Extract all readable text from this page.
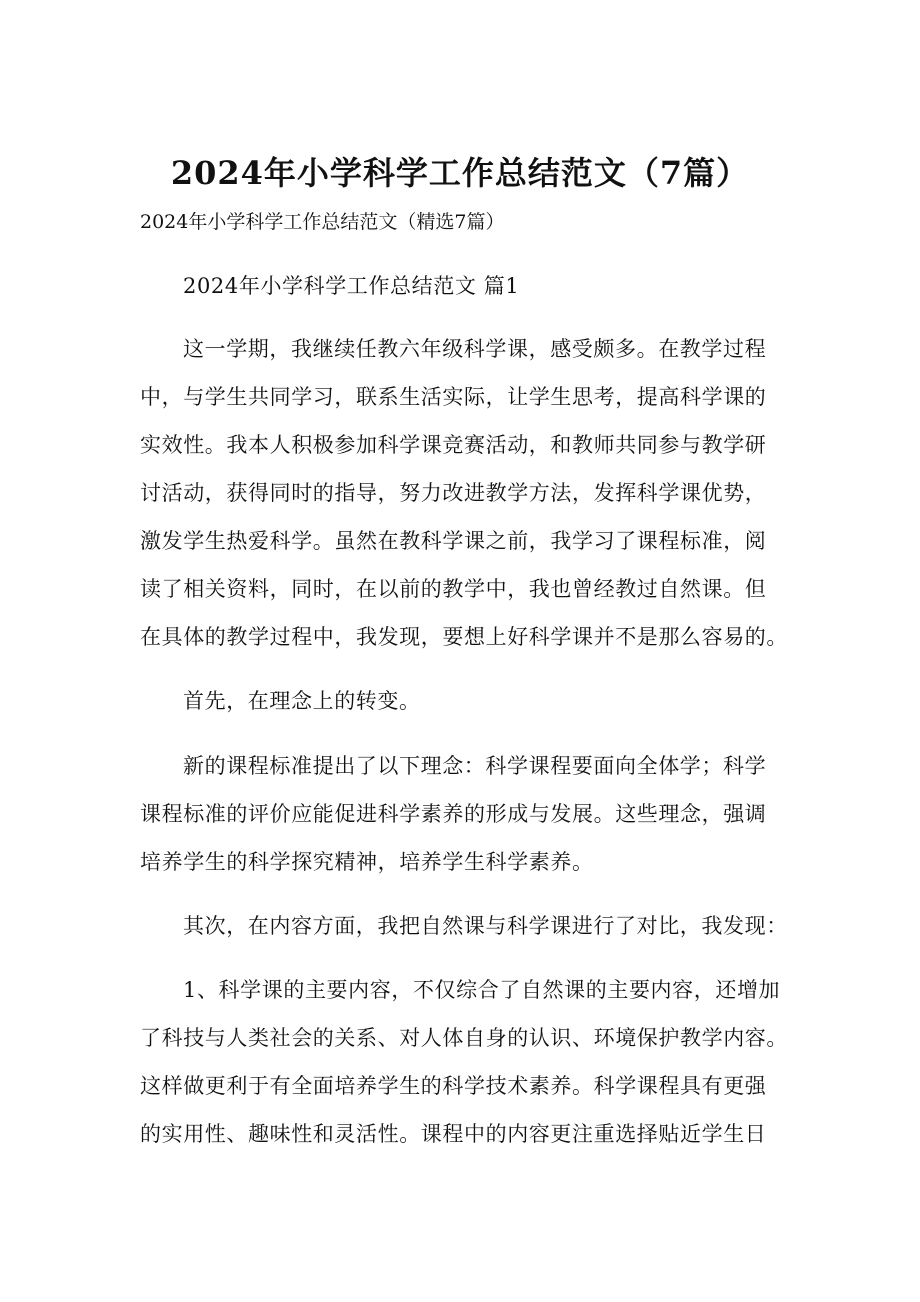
2024年小学科学工作总结范文（7篇）
2024年小学科学工作总结范文（精选7篇）
2024年小学科学工作总结范文 篇1
这一学期，我继续任教六年级科学课，感受颇多。在教学过程
中，与学生共同学习，联系生活实际，让学生思考，提高科学课的
实效性。我本人积极参加科学课竞赛活动，和教师共同参与教学研
讨活动，获得同时的指导，努力改进教学方法，发挥科学课优势，
激发学生热爱科学。虽然在教科学课之前，我学习了课程标准，阅
读了相关资料，同时，在以前的教学中，我也曾经教过自然课。但
在具体的教学过程中，我发现，要想上好科学课并不是那么容易的。
首先，在理念上的转变。
新的课程标准提出了以下理念：科学课程要面向全体学；科学
课程标准的评价应能促进科学素养的形成与发展。这些理念，强调
培养学生的科学探究精神，培养学生科学素养。
其次，在内容方面，我把自然课与科学课进行了对比，我发现：
1、科学课的主要内容，不仅综合了自然课的主要内容，还增加
了科技与人类社会的关系、对人体自身的认识、环境保护教学内容。
这样做更利于有全面培养学生的科学技术素养。科学课程具有更强
的实用性、趣味性和灵活性。课程中的内容更注重选择贴近学生日
